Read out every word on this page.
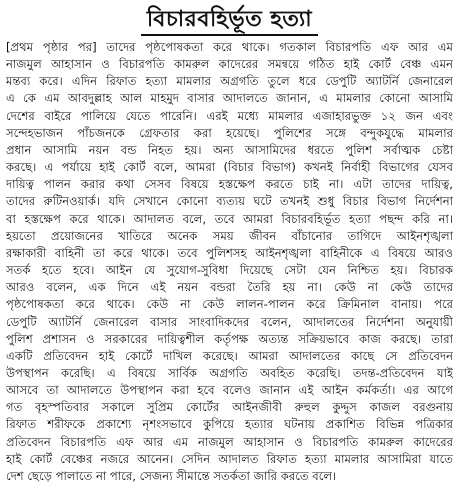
বিচারবহির্ভূত হত্যা
[প্রথম পৃষ্ঠার পর] তাদের পৃষ্ঠপোষকতা করে থাকে। গতকাল বিচারপতি এফ আর এম
নাজমুল আহাসান ও বিচারপতি কামরুল কাদেরের সমন্বয়ে গঠিত হাই কোর্ট বেঞ্চ এমন
মন্তব্য করে। এদিন রিফাত হত্যা মামলার অগ্রগতি তুলে ধরে ডেপুটি অ্যাটর্নি জেনারেল
এ কে এম আবদুল্লাহ আল মাহমুদ বাসার আদালতে জানান, এ মামলার কোনো আসামি
দেশের বাইরে পালিয়ে যেতে পারেনি। এরই মধ্যে মামলার এজাহারভুক্ত ১২ জন এবং
সন্দেহভাজন পাঁচজনকে গ্রেফতার করা হয়েছে। পুলিশের সঙ্গে বন্দুকযুদ্ধে মামলার
প্রধান আসামি নয়ন বন্ড নিহত হয়। অন্য আসামিদের ধরতে পুলিশ সর্বাত্মক চেষ্টা
করছে। এ পর্যায়ে হাই কোর্ট বলে, আমরা (বিচার বিভাগ) কখনই নির্বাহী বিভাগের যেসব
দায়িত্ব পালন করার কথা সেসব বিষয়ে হস্তক্ষেপ করতে চাই না। এটা তাদের দায়িত্ব,
তাদের রুটিনওয়ার্ক। যদি সেখানে কোনো ব্যত্যয় ঘটে তখনই শুধু বিচার বিভাগ নির্দেশনা
বা হস্তক্ষেপ করে থাকে। আদালত বলে, তবে আমরা বিচারবহির্ভূত হত্যা পছন্দ করি না।
হয়তো প্রয়োজনের খাতিরে অনেক সময় জীবন বাঁচানোর তাগিদে আইনশৃঙ্খলা
রক্ষাকারী বাহিনী তা করে থাকে। তবে পুলিশসহ আইনশৃঙ্খলা বাহিনীকে এ বিষয়ে আরও
সতর্ক হতে হবে। আইন যে সুযোগ-সুবিধা দিয়েছে সেটা যেন নিশ্চিত হয়। বিচারক
আরও বলেন, এক দিনে এই নয়ন বন্ডরা তৈরি হয় না। কেউ না কেউ তাদের
পৃষ্ঠপোষকতা করে থাকে। কেউ না কেউ লালন-পালন করে ক্রিমিনাল বানায়। পরে
ডেপুটি অ্যাটর্নি জেনারেল বাসার সাংবাদিকদের বলেন, আদালতের নির্দেশনা অনুযায়ী
পুলিশ প্রশাসন ও সরকারের দায়িত্বশীল কর্তৃপক্ষ অত্যন্ত সক্রিয়ভাবে কাজ করছে। তারা
একটি প্রতিবেদন হাই কোর্টে দাখিল করেছে। আমরা আদালতের কাছে সে প্রতিবেদন
উপস্থাপন করেছি। এ বিষয়ে সার্বিক অগ্রগতি অবহিত করেছি। তদন্ত-প্রতিবেদন যাই
আসবে তা আদালতে উপস্থাপন করা হবে বলেও জানান এই আইন কর্মকর্তা। এর আগে
গত বৃহস্পতিবার সকালে সুপ্রিম কোর্টের আইনজীবী রুহুল কুদ্দুস কাজল বরগুনায়
রিফাত শরীফকে প্রকাশ্যে নৃশংসভাবে কুপিয়ে হত্যার ঘটনায় প্রকাশিত বিভিন্ন পত্রিকার
প্রতিবেদন বিচারপতি এফ আর এম নাজমুল আহাসান ও বিচারপতি কামরুল কাদেরের
হাই কোর্ট বেঞ্চের নজরে আনেন। সেদিন আদালত রিফাত হত্যা মামলার আসামিরা যাতে
দেশ ছেড়ে পালাতে না পারে, সেজন্য সীমান্তে সতর্কতা জারি করতে বলে।
